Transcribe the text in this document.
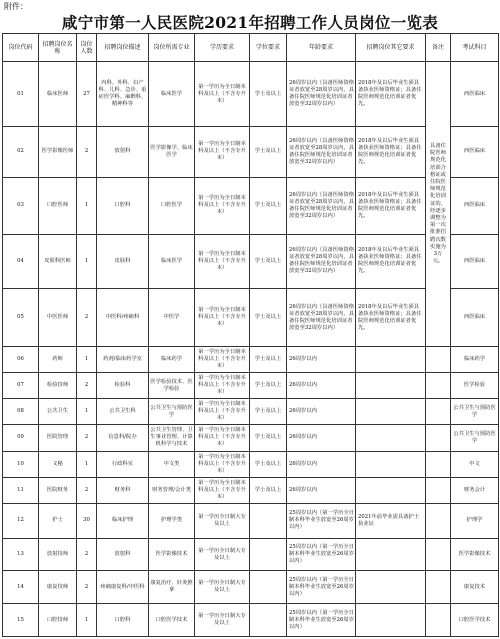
附件：
咸宁市第一人民医院2021年招聘工作人员岗位一览表
岗位代码	招聘岗位名称	岗位人数	招聘岗位描述	岗位所需专业	学历要求	学位要求	年龄要求	招聘岗位其它要求	备注	考试科目
01	临床医师	27	内科、外科、妇产科、儿科、急诊、重症医学科、麻醉科、精神科等	临床医学	第一学历为全日制本科及以上（不含专升本）	学士及以上	26周岁以内（具备医师资格证者放宽至28周岁以内，具备住院医师规范化培训证者放宽至32周岁以内）	2018年及以后毕业生须具备执业医师资格证；具备住院医师规范化培训证者优先。	具备住院医师规范化培训合格证或住院医师规范化培训证的，经逐步调整为第一次批准招聘次数实施为3万元。	西医临床
02	医学影像医师	2	放射科	医学影像学、临床医学	第一学历为全日制本科及以上（不含专升本）	学士及以上	26周岁以内（具备医师资格证者放宽至28周岁以内，具备住院医师规范化培训证者放宽至32周岁以内）	2018年及以后毕业生须具备执业医师资格证；具备住院医师规范化培训证者优先。		西医临床
03	口腔医师	1	口腔科	口腔医学	第一学历为全日制本科及以上（不含专升本）	学士及以上	26周岁以内（具备医师资格证者放宽至28周岁以内，具备住院医师规范化培训证者放宽至32周岁以内）	2018年及以后毕业生须具备执业医师资格证；具备住院医师规范化培训证者优先。		西医临床
04	皮肤科医师	1	皮肤科	临床医学	第一学历为全日制本科及以上（不含专升本）	学士及以上	26周岁以内（具备医师资格证者放宽至28周岁以内，具备住院医师规范化培训证者放宽至32周岁以内）	2018年及以后毕业生须具备执业医师资格证；具备住院医师规范化培训证者优先。		西医临床
05	中医医师	2	中医科/疼痛科	中医学	第一学历为全日制本科及以上（不含专升本）	学士及以上	26周岁以内（具备医师资格证者放宽至28周岁以内，具备住院医师规范化培训证者放宽至32周岁以内）	2018年及以后毕业生须具备执业医师资格证；具备住院医师规范化培训证者优先。		西医临床
06	药师	1	药剂/临床药学室	临床药学	第一学历为全日制本科及以上（不含专升本）	学士及以上	26周岁以内			临床药学
07	检验技师	2	检验科	医学检验技术、医学检验	第一学历为全日制本科及以上（不含专升本）	学士及以上	26周岁以内			医学检验
08	公共卫生	1	公共卫生科	公共卫生与预防医学	第一学历为全日制本科及以上（不含专升本）	学士及以上	26周岁以内			公共卫生与预防医学
09	医院管理	2	信息科/院办	公共卫生管理、卫生事业管理、计算机科学与技术	第一学历为全日制本科及以上（不含专升本）	学士及以上	26周岁以内			公共卫生与预防医学
10	文秘	1	行政科室	中文类	第一学历为全日制本科及以上（不含专升本）	学士及以上	26周岁以内			中文
11	医院财务	2	财务科	财务管理/会计类	第一学历为全日制本科及以上（不含专升本）	学士及以上	26周岁以内			财务会计
12	护士	30	临床护理	护理学类	第一学历全日制大专及以上		25周岁以内（第一学历全日制本科毕业生放宽至26周岁以内）	2021年前毕业需具备护士执业证		护理学
13	放射技师	2	放射科	医学影像技术	第一学历全日制大专及以上		25周岁以内（第一学历全日制本科毕业生放宽至26周岁以内）			医学影像技术
14	康复技师	2	疼痛康复科/中医科	康复治疗、针灸推拿	第一学历全日制大专及以上		25周岁以内（第一学历全日制本科毕业生放宽至26周岁以内）			康复技术
15	口腔技师	1	口腔科	口腔医学技术	第一学历全日制大专及以上		25周岁以内（第一学历全日制本科毕业生放宽至26周岁以内）			口腔医学技术
